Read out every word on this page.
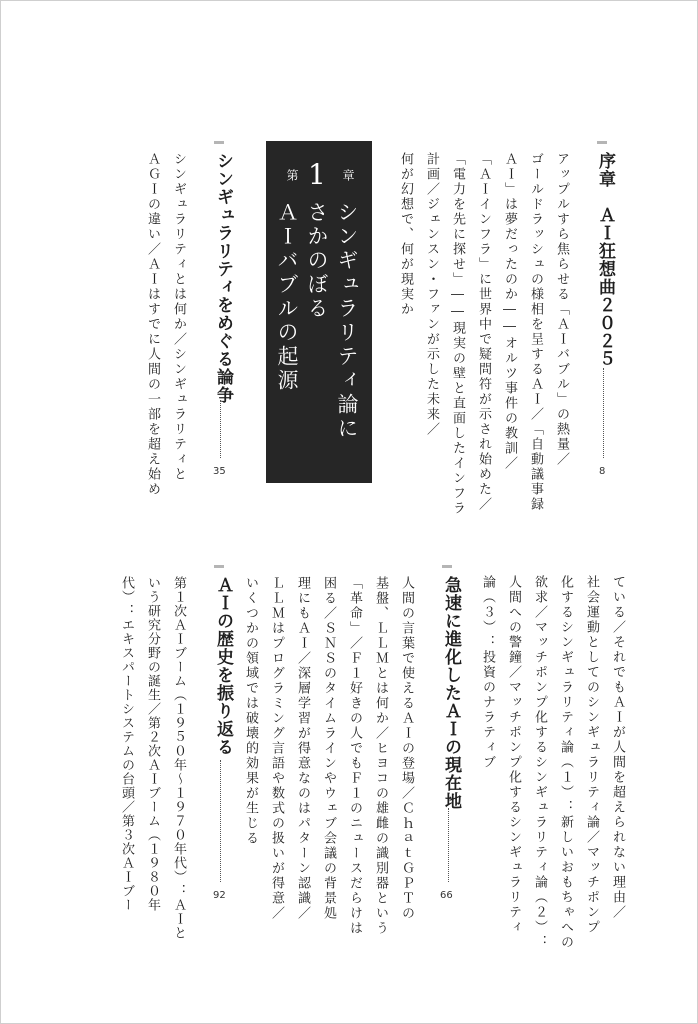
序章　ＡＩ狂想曲２０２５
8
アップルすら焦らせる「ＡＩバブル」の熱量／
ゴールドラッシュの様相を呈するＡＩ／「自動議事録
ＡＩ」は夢だったのか――オルツ事件の教訓／
「ＡＩインフラ」に世界中で疑問符が示され始めた／
「電力を先に探せ」――現実の壁と直面したインフラ
計画／ジェンスン・ファンが示した未来／
何が幻想で、何が現実か
第 1 章
シンギュラリティ論に
さかのぼる
ＡＩバブルの起源
シンギュラリティをめぐる論争
35
シンギュラリティとは何か／シンギュラリティと
ＡＧＩの違い／ＡＩはすでに人間の一部を超え始め
ている／それでもＡＩが人間を超えられない理由／
社会運動としてのシンギュラリティ論／マッチポンプ
化するシンギュラリティ論（１）：新しいおもちゃへの
欲求／マッチポンプ化するシンギュラリティ論（２）：
人間への警鐘／マッチポンプ化するシンギュラリティ
論（３）：投資のナラティブ
急速に進化したＡＩの現在地
66
人間の言葉で使えるＡＩの登場／ＣｈａｔＧＰＴの
基盤、ＬＬＭとは何か／ヒヨコの雄雌の識別器という
「革命」／Ｆ１好きの人でもＦ１のニュースだらけは
困る／ＳＮＳのタイムラインやウェブ会議の背景処
理にもＡＩ／深層学習が得意なのはパターン認識／
ＬＬＭはプログラミング言語や数式の扱いが得意／
いくつかの領域では破壊的効果が生じる
ＡＩの歴史を振り返る
92
第１次ＡＩブーム（１９５０年〜１９７０年代）：ＡＩと
いう研究分野の誕生／第２次ＡＩブーム（１９８０年
代）：エキスパートシステムの台頭／第３次ＡＩブー
